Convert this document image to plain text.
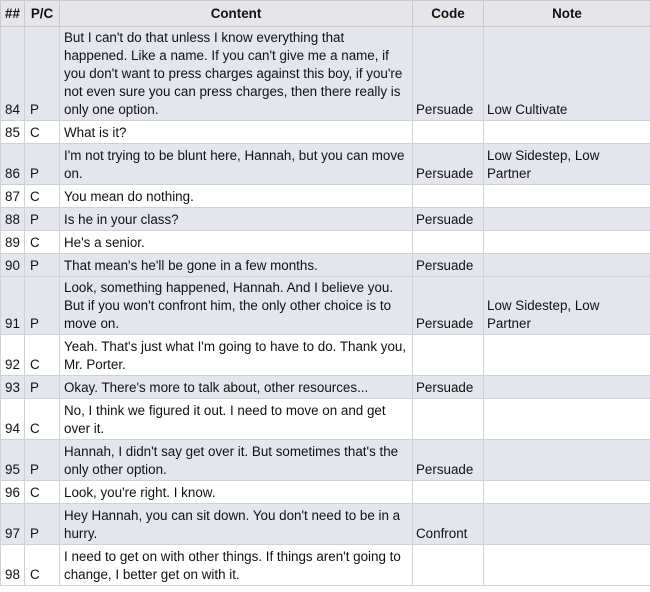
##	P/C	Content	Code	Note
84	P	But I can't do that unless I know everything that happened. Like a name. If you can't give me a name, if you don't want to press charges against this boy, if you're not even sure you can press charges, then there really is only one option.	Persuade	Low Cultivate
85	C	What is it?		
86	P	I'm not trying to be blunt here, Hannah, but you can move on.	Persuade	Low Sidestep, Low Partner
87	C	You mean do nothing.		
88	P	Is he in your class?	Persuade	
89	C	He's a senior.		
90	P	That mean's he'll be gone in a few months.	Persuade	
91	P	Look, something happened, Hannah. And I believe you. But if you won't confront him, the only other choice is to move on.	Persuade	Low Sidestep, Low Partner
92	C	Yeah. That's just what I'm going to have to do. Thank you, Mr. Porter.		
93	P	Okay. There's more to talk about, other resources...	Persuade	
94	C	No, I think we figured it out. I need to move on and get over it.		
95	P	Hannah, I didn't say get over it. But sometimes that's the only other option.	Persuade	
96	C	Look, you're right. I know.		
97	P	Hey Hannah, you can sit down. You don't need to be in a hurry.	Confront	
98	C	I need to get on with other things. If things aren't going to change, I better get on with it.		
